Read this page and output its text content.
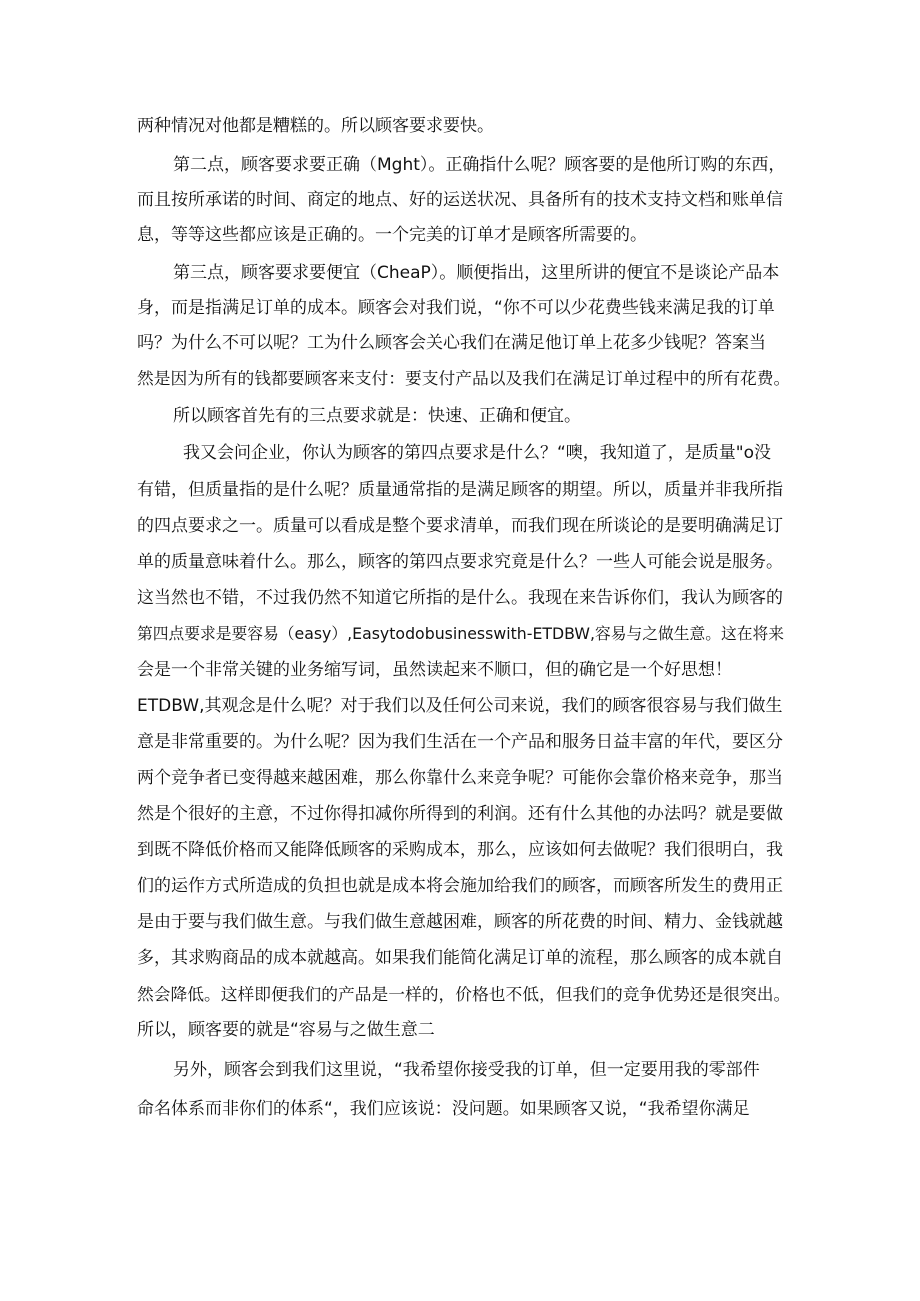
两种情况对他都是糟糕的。所以顾客要求要快。
第二点，顾客要求要正确（Mght）。正确指什么呢？顾客要的是他所订购的东西，
而且按所承诺的时间、商定的地点、好的运送状况、具备所有的技术支持文档和账单信
息，等等这些都应该是正确的。一个完美的订单才是顾客所需要的。
第三点，顾客要求要便宜（CheaP）。顺便指出，这里所讲的便宜不是谈论产品本
身，而是指满足订单的成本。顾客会对我们说，“你不可以少花费些钱来满足我的订单
吗？为什么不可以呢？工为什么顾客会关心我们在满足他订单上花多少钱呢？答案当
然是因为所有的钱都要顾客来支付：要支付产品以及我们在满足订单过程中的所有花费。
所以顾客首先有的三点要求就是：快速、正确和便宜。
我又会问企业，你认为顾客的第四点要求是什么？“噢，我知道了，是质量"o没
有错，但质量指的是什么呢？质量通常指的是满足顾客的期望。所以，质量并非我所指
的四点要求之一。质量可以看成是整个要求清单，而我们现在所谈论的是要明确满足订
单的质量意味着什么。那么，顾客的第四点要求究竟是什么？一些人可能会说是服务。
这当然也不错，不过我仍然不知道它所指的是什么。我现在来告诉你们，我认为顾客的
第四点要求是要容易（easy）,Easytodobusinesswith-ETDBW,容易与之做生意。这在将来
会是一个非常关键的业务缩写词，虽然读起来不顺口，但的确它是一个好思想！
ETDBW,其观念是什么呢？对于我们以及任何公司来说，我们的顾客很容易与我们做生
意是非常重要的。为什么呢？因为我们生活在一个产品和服务日益丰富的年代，要区分
两个竞争者已变得越来越困难，那么你靠什么来竞争呢？可能你会靠价格来竞争，那当
然是个很好的主意，不过你得扣减你所得到的利润。还有什么其他的办法吗？就是要做
到既不降低价格而又能降低顾客的采购成本，那么，应该如何去做呢？我们很明白，我
们的运作方式所造成的负担也就是成本将会施加给我们的顾客，而顾客所发生的费用正
是由于要与我们做生意。与我们做生意越困难，顾客的所花费的时间、精力、金钱就越
多，其求购商品的成本就越高。如果我们能简化满足订单的流程，那么顾客的成本就自
然会降低。这样即便我们的产品是一样的，价格也不低，但我们的竞争优势还是很突出。
所以，顾客要的就是“容易与之做生意二
另外，顾客会到我们这里说，“我希望你接受我的订单，但一定要用我的零部件
命名体系而非你们的体系“，我们应该说：没问题。如果顾客又说，“我希望你满足
